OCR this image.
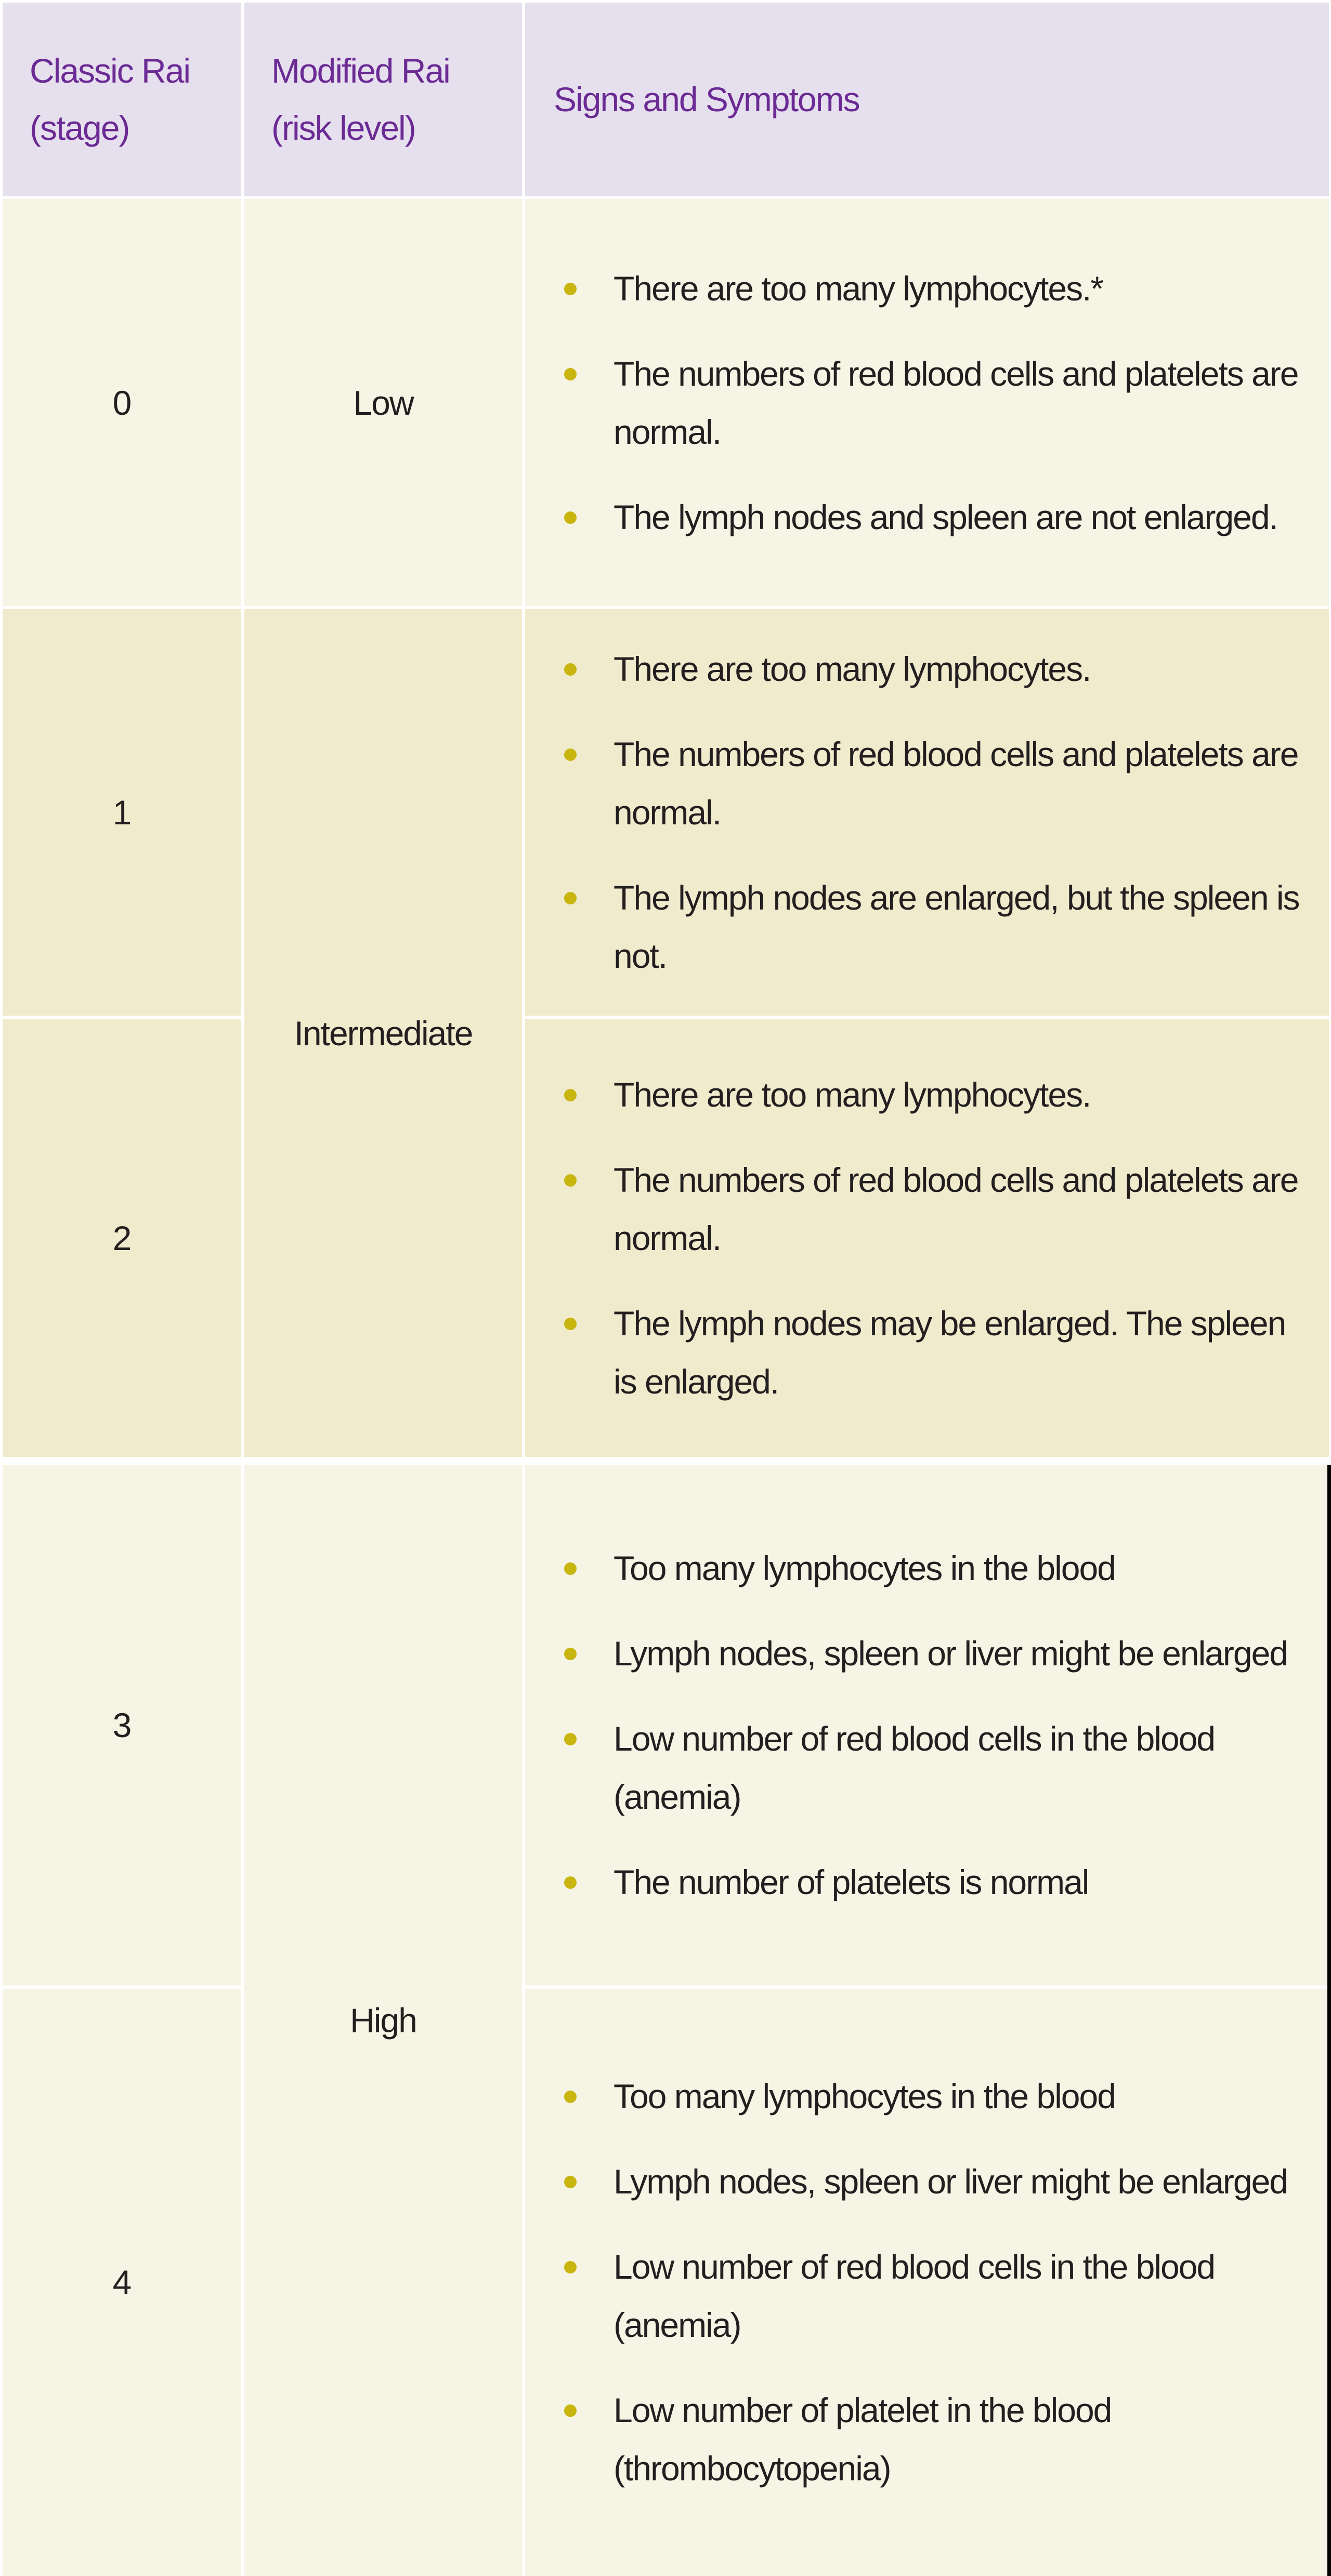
Classic Rai
(stage)
Modified Rai
(risk level)
Signs and Symptoms
0	Low
There are too many lymphocytes.*
The numbers of red blood cells and platelets are normal.
The lymph nodes and spleen are not enlarged.
1
There are too many lymphocytes.
The numbers of red blood cells and platelets are normal.
The lymph nodes are enlarged, but the spleen is not.
Intermediate
2
There are too many lymphocytes.
The numbers of red blood cells and platelets are normal.
The lymph nodes may be enlarged. The spleen is enlarged.
3
Too many lymphocytes in the blood
Lymph nodes, spleen or liver might be enlarged
Low number of red blood cells in the blood (anemia)
The number of platelets is normal
High
4
Too many lymphocytes in the blood
Lymph nodes, spleen or liver might be enlarged
Low number of red blood cells in the blood (anemia)
Low number of platelet in the blood (thrombocytopenia)
